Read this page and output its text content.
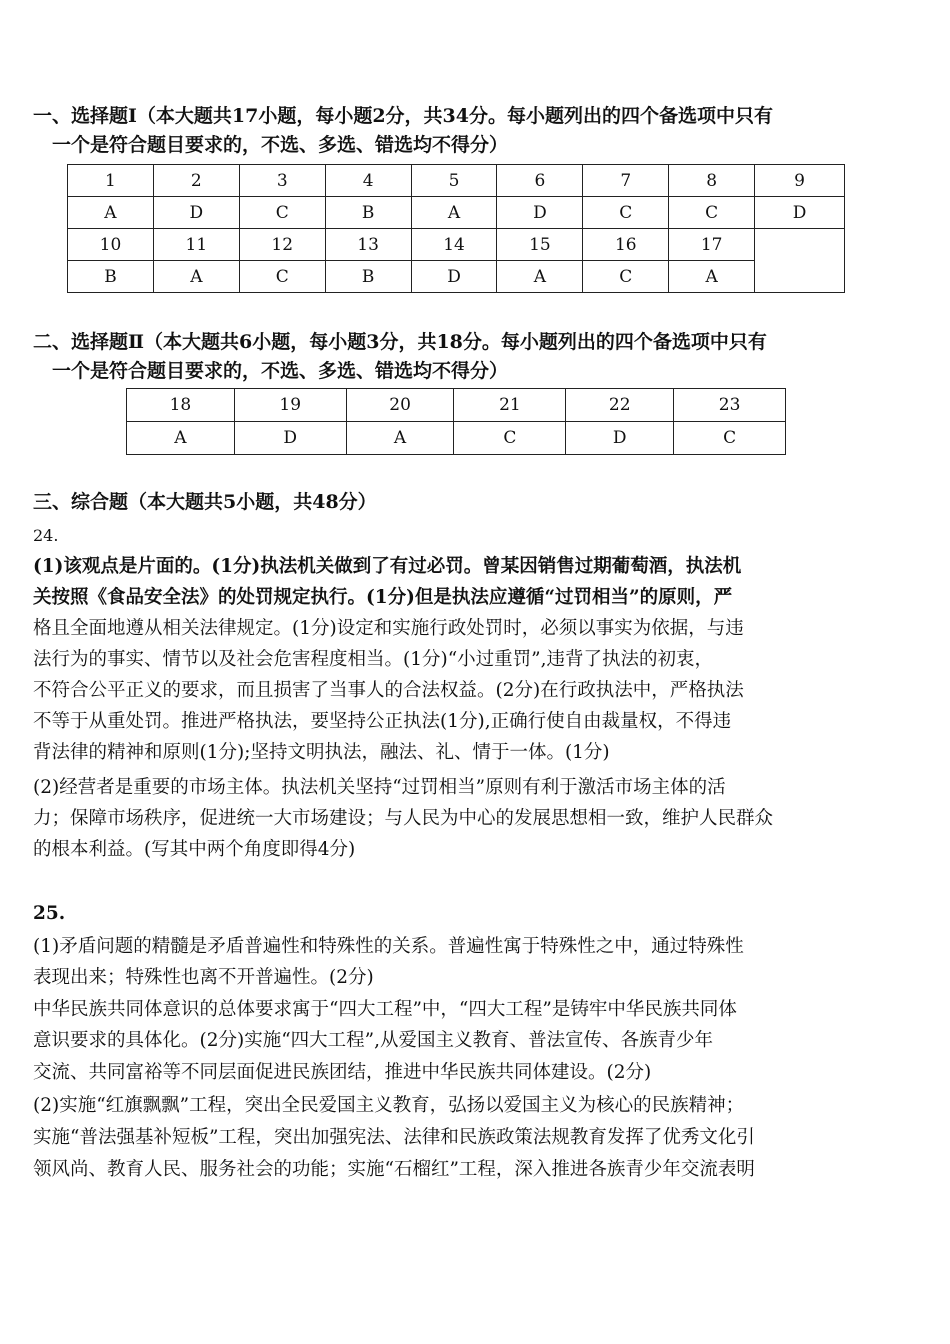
一、选择题Ⅰ（本大题共17小题，每小题2分，共34分。每小题列出的四个备选项中只有
一个是符合题目要求的，不选、多选、错选均不得分）
1	2	3	4	5	6	7	8	9
A	D	C	B	A	D	C	C	D
10	11	12	13	14	15	16	17	
B	A	C	B	D	A	C	A	
二、选择题Ⅱ（本大题共6小题，每小题3分，共18分。每小题列出的四个备选项中只有
一个是符合题目要求的，不选、多选、错选均不得分）
18	19	20	21	22	23
A	D	A	C	D	C
三、综合题（本大题共5小题，共48分）
24.
(1)该观点是片面的。(1分)执法机关做到了有过必罚。曾某因销售过期葡萄酒，执法机
关按照《食品安全法》的处罚规定执行。(1分)但是执法应遵循“过罚相当”的原则，严
格且全面地遵从相关法律规定。(1分)设定和实施行政处罚时，必须以事实为依据，与违
法行为的事实、情节以及社会危害程度相当。(1分)“小过重罚”,违背了执法的初衷，
不符合公平正义的要求，而且损害了当事人的合法权益。(2分)在行政执法中，严格执法
不等于从重处罚。推进严格执法，要坚持公正执法(1分),正确行使自由裁量权，不得违
背法律的精神和原则(1分);坚持文明执法，融法、礼、情于一体。(1分)
(2)经营者是重要的市场主体。执法机关坚持“过罚相当”原则有利于激活市场主体的活
力；保障市场秩序，促进统一大市场建设；与人民为中心的发展思想相一致，维护人民群众
的根本利益。(写其中两个角度即得4分)
25.
(1)矛盾问题的精髓是矛盾普遍性和特殊性的关系。普遍性寓于特殊性之中，通过特殊性
表现出来；特殊性也离不开普遍性。(2分)
中华民族共同体意识的总体要求寓于“四大工程”中，“四大工程”是铸牢中华民族共同体
意识要求的具体化。(2分)实施“四大工程”,从爱国主义教育、普法宣传、各族青少年
交流、共同富裕等不同层面促进民族团结，推进中华民族共同体建设。(2分)
(2)实施“红旗飘飘”工程，突出全民爱国主义教育，弘扬以爱国主义为核心的民族精神；
实施“普法强基补短板”工程，突出加强宪法、法律和民族政策法规教育发挥了优秀文化引
领风尚、教育人民、服务社会的功能；实施“石榴红”工程，深入推进各族青少年交流表明
